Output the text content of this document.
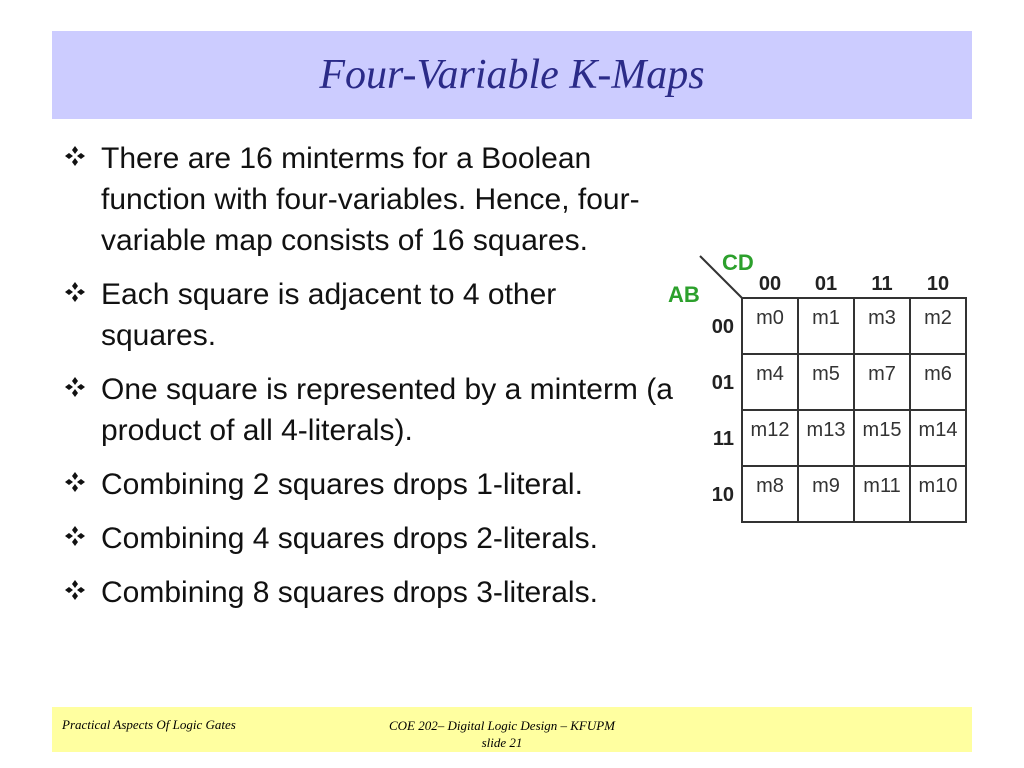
Four-Variable K-Maps
There are 16 minterms for a Boolean function with four-variables. Hence, four-variable map consists of 16 squares.
Each square is adjacent to 4 other squares.
One square is represented by a minterm (a product of all 4-literals).
Combining 2 squares drops 1-literal.
Combining 4 squares drops 2-literals.
Combining 8 squares drops 3-literals.
CD
AB	00 01 11 10
00
01
11
10
m0 m1 m3 m2
m4 m5 m7 m6
m12 m13 m15 m14
m8 m9 m11 m10
Practical Aspects Of Logic Gates	COE 202– Digital Logic Design – KFUPM
slide 21
